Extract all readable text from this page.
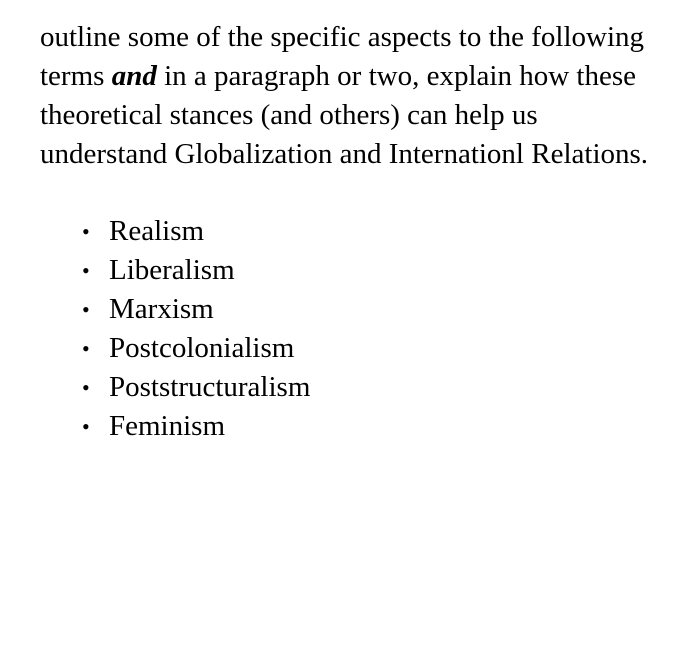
outline some of the specific aspects to the following terms and in a paragraph or two, explain how these theoretical stances (and others) can help us understand Globalization and Internationl Relations.

• Realism
• Liberalism
• Marxism
• Postcolonialism
• Poststructuralism
• Feminism
